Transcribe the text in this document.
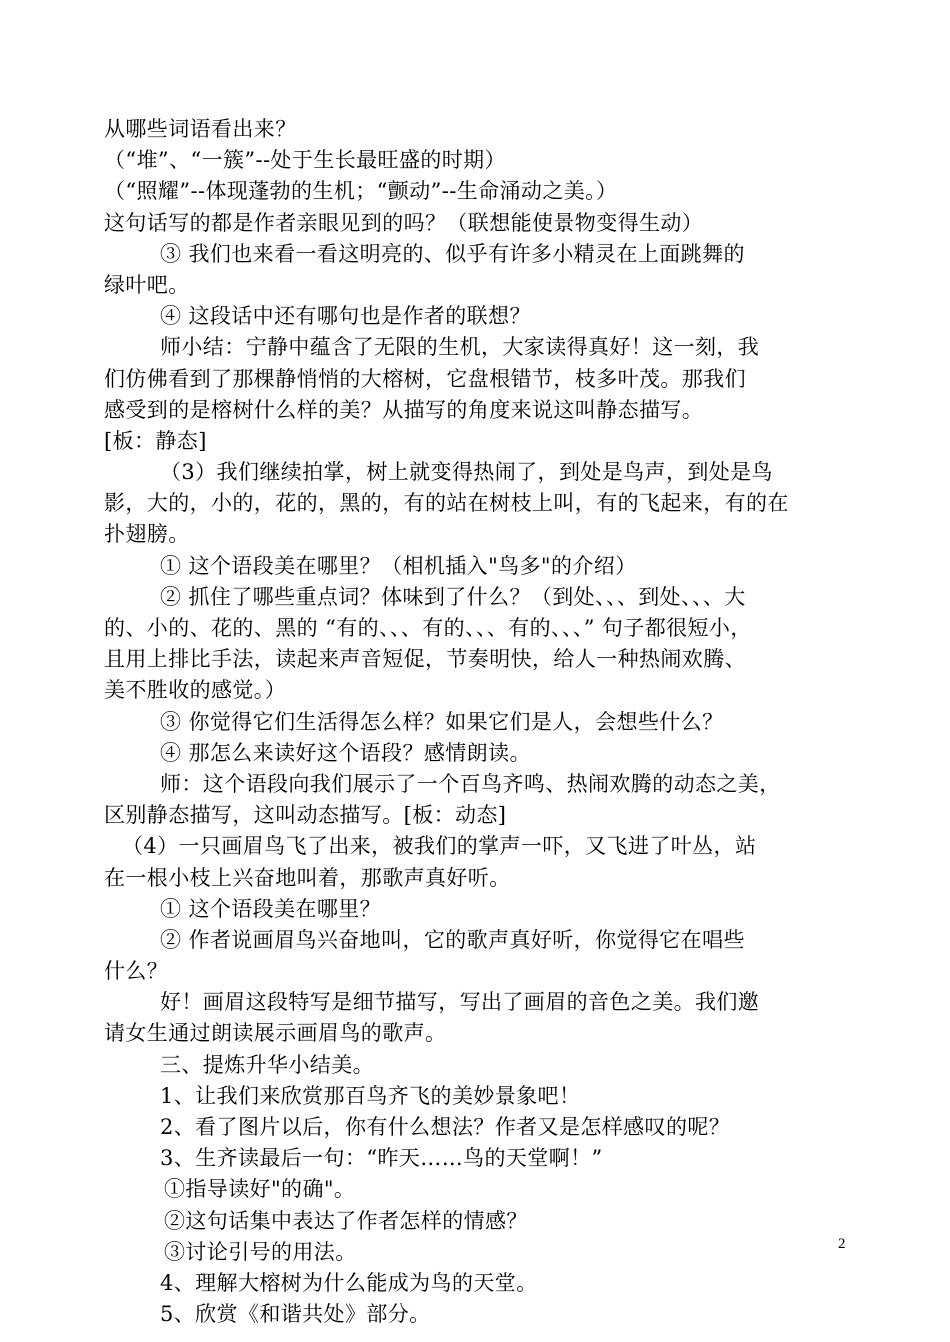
从哪些词语看出来？
（“堆”、“一簇”--处于生长最旺盛的时期）
（“照耀”--体现蓬勃的生机；“颤动”--生命涌动之美。）
这句话写的都是作者亲眼见到的吗？（联想能使景物变得生动）
③ 我们也来看一看这明亮的、似乎有许多小精灵在上面跳舞的
绿叶吧。
④ 这段话中还有哪句也是作者的联想？
师小结：宁静中蕴含了无限的生机，大家读得真好！这一刻，我
们仿佛看到了那棵静悄悄的大榕树，它盘根错节，枝多叶茂。那我们
感受到的是榕树什么样的美？从描写的角度来说这叫静态描写。
[板：静态]
（3）我们继续拍掌，树上就变得热闹了，到处是鸟声，到处是鸟
影，大的，小的，花的，黑的，有的站在树枝上叫，有的飞起来，有的在
扑翅膀。
① 这个语段美在哪里？（相机插入"鸟多"的介绍）
② 抓住了哪些重点词？体味到了什么？（到处、、、到处、、、大
的、小的、花的、黑的 “有的、、、有的、、、有的、、、” 句子都很短小，
且用上排比手法，读起来声音短促，节奏明快，给人一种热闹欢腾、
美不胜收的感觉。）
③ 你觉得它们生活得怎么样？如果它们是人，会想些什么？
④ 那怎么来读好这个语段？感情朗读。
师：这个语段向我们展示了一个百鸟齐鸣、热闹欢腾的动态之美，
区别静态描写，这叫动态描写。[板：动态]
（4）一只画眉鸟飞了出来，被我们的掌声一吓，又飞进了叶丛，站
在一根小枝上兴奋地叫着，那歌声真好听。
① 这个语段美在哪里？
② 作者说画眉鸟兴奋地叫，它的歌声真好听，你觉得它在唱些
什么？
好！画眉这段特写是细节描写，写出了画眉的音色之美。我们邀
请女生通过朗读展示画眉鸟的歌声。
三、提炼升华小结美。
1、让我们来欣赏那百鸟齐飞的美妙景象吧！
2、看了图片以后，你有什么想法？作者又是怎样感叹的呢？
3、生齐读最后一句：“昨天……鸟的天堂啊！”
①指导读好"的确"。
②这句话集中表达了作者怎样的情感？
③讨论引号的用法。
4、理解大榕树为什么能成为鸟的天堂。
5、欣赏《和谐共处》部分。
2
